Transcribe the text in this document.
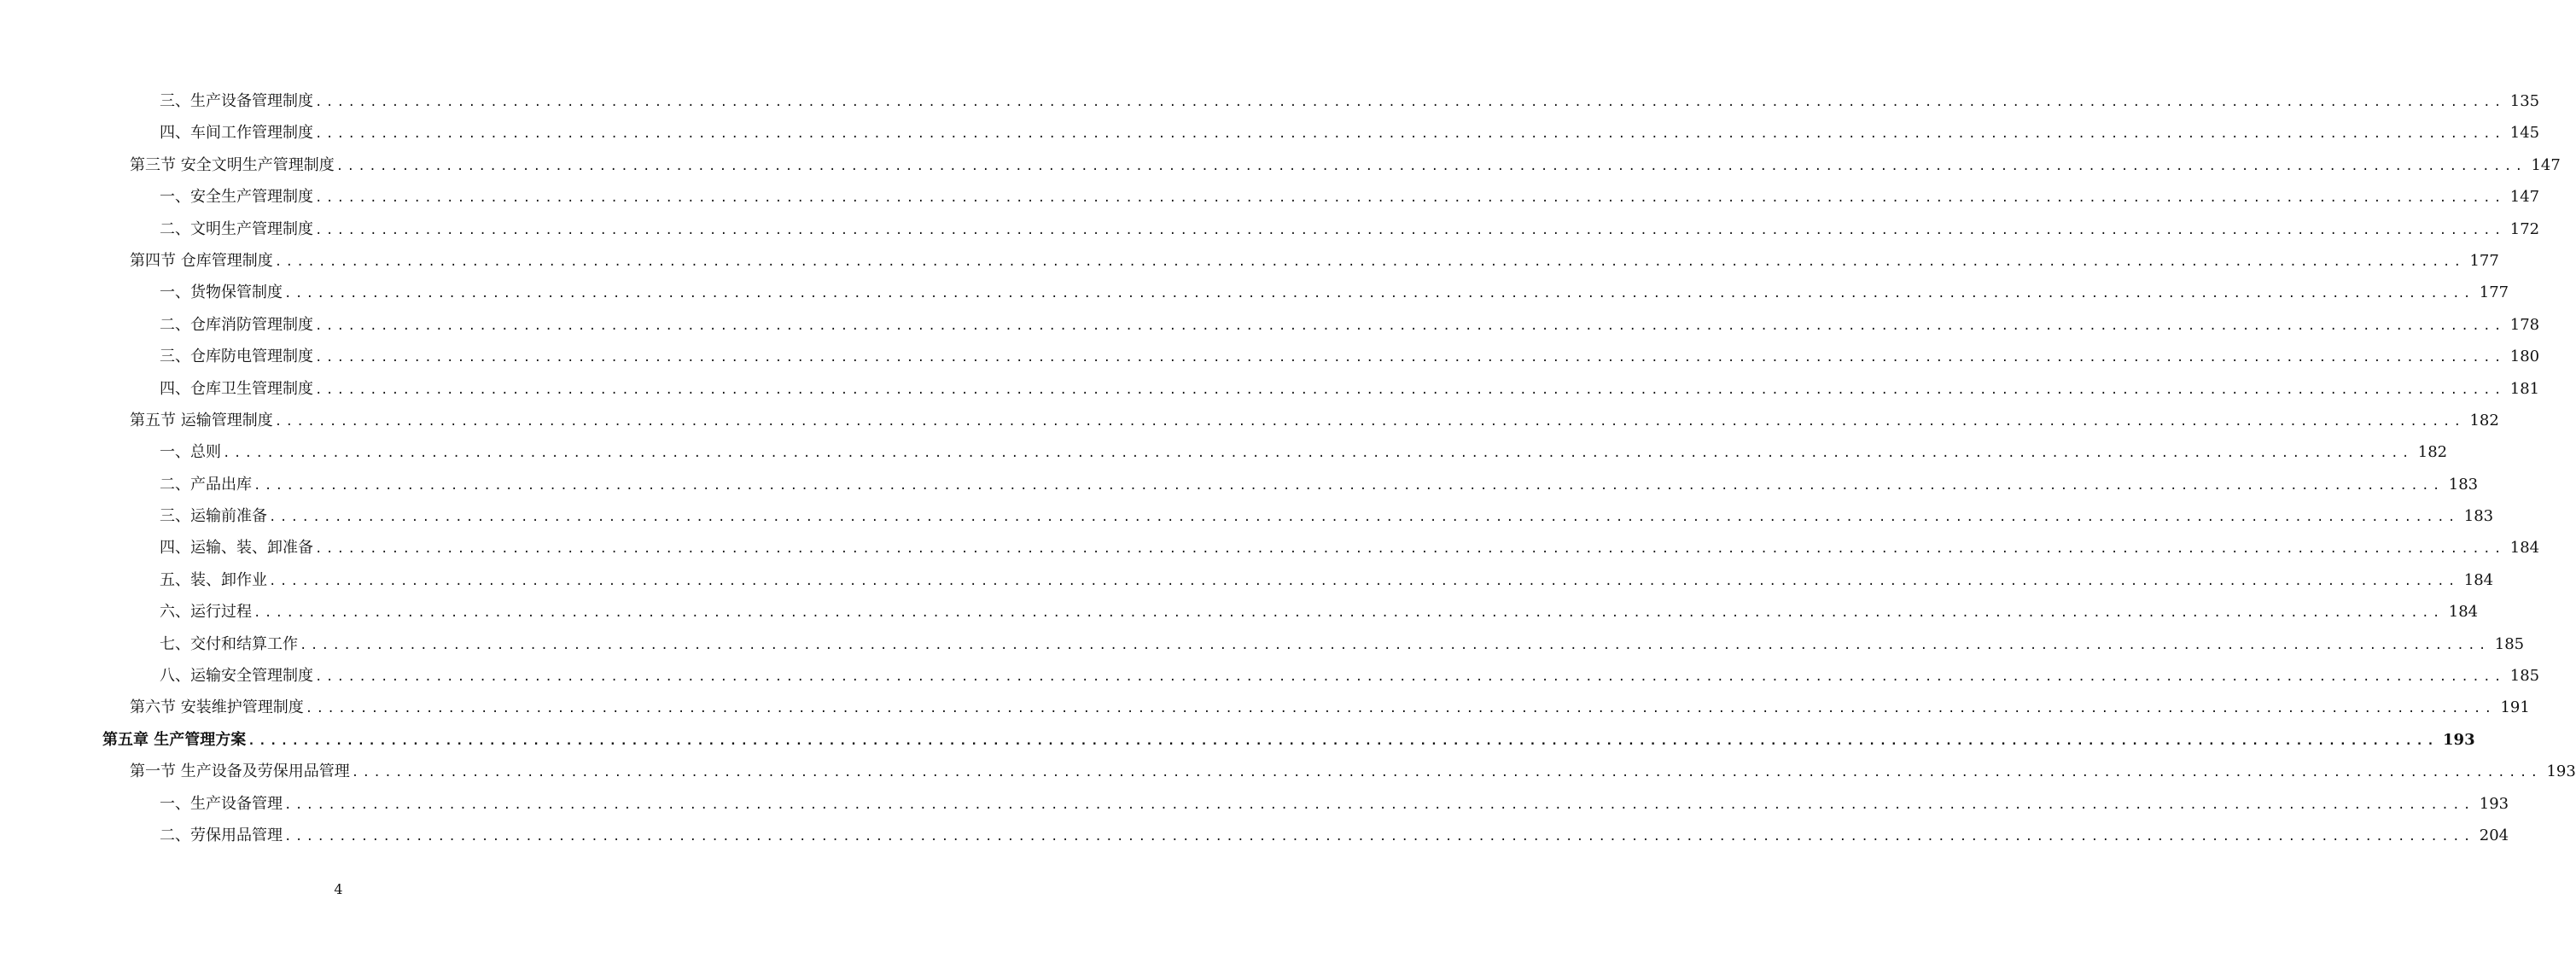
三、生产设备管理制度 ........................................................................................................................................................................................................ 135
四、车间工作管理制度 ........................................................................................................................................................................................................ 145
第三节 安全文明生产管理制度 ........................................................................................................................................................................................................ 147
一、安全生产管理制度 ........................................................................................................................................................................................................ 147
二、文明生产管理制度 ........................................................................................................................................................................................................ 172
第四节 仓库管理制度 ........................................................................................................................................................................................................ 177
一、货物保管制度 ........................................................................................................................................................................................................ 177
二、仓库消防管理制度 ........................................................................................................................................................................................................ 178
三、仓库防电管理制度 ........................................................................................................................................................................................................ 180
四、仓库卫生管理制度 ........................................................................................................................................................................................................ 181
第五节 运输管理制度 ........................................................................................................................................................................................................ 182
一、总则 ........................................................................................................................................................................................................ 182
二、产品出库 ........................................................................................................................................................................................................ 183
三、运输前准备 ........................................................................................................................................................................................................ 183
四、运输、装、卸准备 ........................................................................................................................................................................................................ 184
五、装、卸作业 ........................................................................................................................................................................................................ 184
六、运行过程 ........................................................................................................................................................................................................ 184
七、交付和结算工作 ........................................................................................................................................................................................................ 185
八、运输安全管理制度 ........................................................................................................................................................................................................ 185
第六节 安装维护管理制度 ........................................................................................................................................................................................................ 191
第五章 生产管理方案 ........................................................................................................................................................................................................ 193
第一节 生产设备及劳保用品管理 ........................................................................................................................................................................................................ 193
一、生产设备管理 ........................................................................................................................................................................................................ 193
二、劳保用品管理 ........................................................................................................................................................................................................ 204
4
